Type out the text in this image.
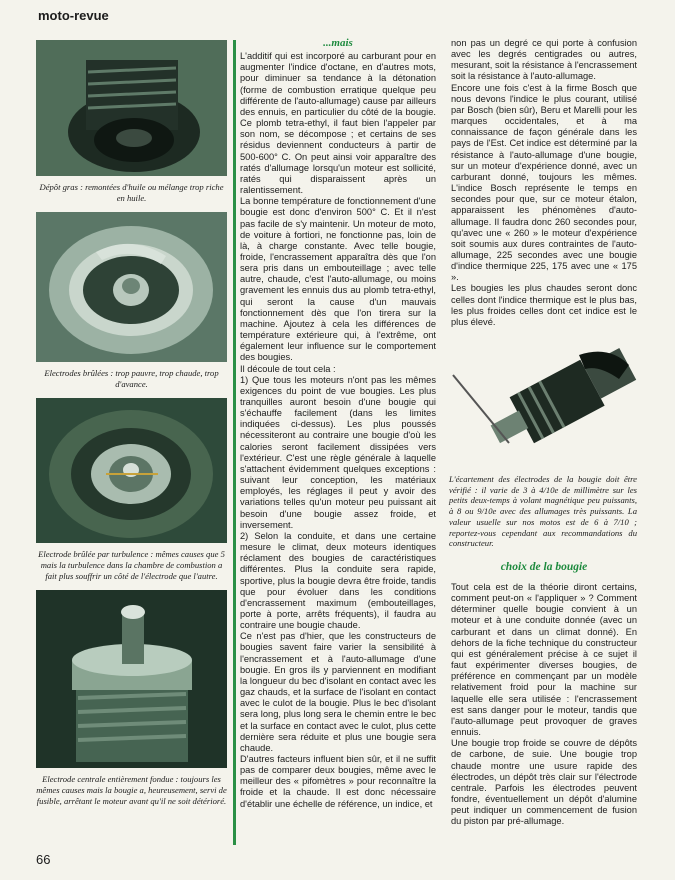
moto-revue

Dépôt gras : remontées d'huile ou mélange trop riche en huile.

Electrodes brûlées : trop pauvre, trop chaude, trop d'avance.

Electrode brûlée par turbulence : mêmes causes que 5 mais la turbulence dans la chambre de combustion a fait plus souffrir un côté de l'électrode que l'autre.

Electrode centrale entièrement fondue : toujours les mêmes causes mais la bougie a, heureusement, servi de fusible, arrêtant le moteur avant qu'il ne soit détérioré.

...mais

L'additif qui est incorporé au carburant pour en augmenter l'indice d'octane, en d'autres mots, pour diminuer sa tendance à la détonation (forme de combustion erratique quelque peu différente de l'auto-allumage) cause par ailleurs des ennuis, en particulier du côté de la bougie. Ce plomb tetra-ethyl, il faut bien l'appeler par son nom, se décompose ; et certains de ses résidus deviennent conducteurs à partir de 500-600° C. On peut ainsi voir apparaître des ratés d'allumage lorsqu'un moteur est sollicité, ratés qui disparaissent après un ralentissement.

La bonne température de fonctionnement d'une bougie est donc d'environ 500° C. Et il n'est pas facile de s'y maintenir. Un moteur de moto, de voiture à fortiori, ne fonctionne pas, loin de là, à charge constante. Avec telle bougie, froide, l'encrassement apparaîtra dès que l'on sera pris dans un embouteillage ; avec telle autre, chaude, c'est l'auto-allumage, ou moins gravement les ennuis dus au plomb tetra-ethyl, qui seront la cause d'un mauvais fonctionnement dès que l'on tirera sur la machine. Ajoutez à cela les différences de température extérieure qui, à l'extrême, ont également leur influence sur le comportement des bougies.

Il découle de tout cela :

1) Que tous les moteurs n'ont pas les mêmes exigences du point de vue bougies. Les plus tranquilles auront besoin d'une bougie qui s'échauffe facilement (dans les limites indiquées ci-dessus). Les plus poussés nécessiteront au contraire une bougie d'où les calories seront facilement dissipées vers l'extérieur. C'est une règle générale à laquelle s'attachent évidemment quelques exceptions : suivant leur conception, les matériaux employés, les réglages il peut y avoir des variations telles qu'un moteur peu puissant ait besoin d'une bougie assez froide, et inversement.

2) Selon la conduite, et dans une certaine mesure le climat, deux moteurs identiques réclament des bougies de caractéristiques différentes. Plus la conduite sera rapide, sportive, plus la bougie devra être froide, tandis que pour évoluer dans les conditions d'encrassement maximum (embouteillages, porte à porte, arrêts fréquents), il faudra au contraire une bougie chaude.

Ce n'est pas d'hier, que les constructeurs de bougies savent faire varier la sensibilité à l'encrassement et à l'auto-allumage d'une bougie. En gros ils y parviennent en modifiant la longueur du bec d'isolant en contact avec les gaz chauds, et la surface de l'isolant en contact avec le culot de la bougie. Plus le bec d'isolant sera long, plus long sera le chemin entre le bec et la surface en contact avec le culot, plus cette dernière sera réduite et plus une bougie sera chaude.

D'autres facteurs influent bien sûr, et il ne suffit pas de comparer deux bougies, même avec le meilleur des « pifomètres » pour reconnaître la froide et la chaude. Il est donc nécessaire d'établir une échelle de référence, un indice, et

non pas un degré ce qui porte à confusion avec les degrés centigrades ou autres, mesurant, soit la résistance à l'encrassement soit la résistance à l'auto-allumage.

Encore une fois c'est à la firme Bosch que nous devons l'indice le plus courant, utilisé par Bosch (bien sûr), Beru et Marelli pour les marques occidentales, et à ma connaissance de façon générale dans les pays de l'Est. Cet indice est déterminé par la résistance à l'auto-allumage d'une bougie, sur un moteur d'expérience donné, avec un carburant donné, toujours les mêmes. L'indice Bosch représente le temps en secondes pour que, sur ce moteur étalon, apparaissent les phénomènes d'auto-allumage. Il faudra donc 260 secondes pour, qu'avec une « 260 » le moteur d'expérience soit soumis aux dures contraintes de l'auto-allumage, 225 secondes avec une bougie d'indice thermique 225, 175 avec une « 175 ».

Les bougies les plus chaudes seront donc celles dont l'indice thermique est le plus bas, les plus froides celles dont cet indice est le plus élevé.

L'écartement des électrodes de la bougie doit être vérifié : il varie de 3 à 4/10e de millimètre sur les petits deux-temps à volant magnétique peu puissants, à 8 ou 9/10e avec des allumages très puissants. La valeur usuelle sur nos motos est de 6 à 7/10 ; reportez-vous cependant aux recommandations du constructeur.
choix de la bougie

Tout cela est de la théorie diront certains, comment peut-on « l'appliquer » ? Comment déterminer quelle bougie convient à un moteur et à une conduite donnée (avec un carburant et dans un climat donné). En dehors de la fiche technique du constructeur qui est généralement précise à ce sujet il faut expérimenter diverses bougies, de préférence en commençant par un modèle relativement froid pour la machine sur laquelle elle sera utilisée : l'encrassement est sans danger pour le moteur, tandis que l'auto-allumage peut provoquer de graves ennuis.

Une bougie trop froide se couvre de dépôts de carbone, de suie. Une bougie trop chaude montre une usure rapide des électrodes, un dépôt très clair sur l'électrode centrale. Parfois les électrodes peuvent fondre, éventuellement un dépôt d'alumine peut indiquer un commencement de fusion du piston par pré-allumage.

66
